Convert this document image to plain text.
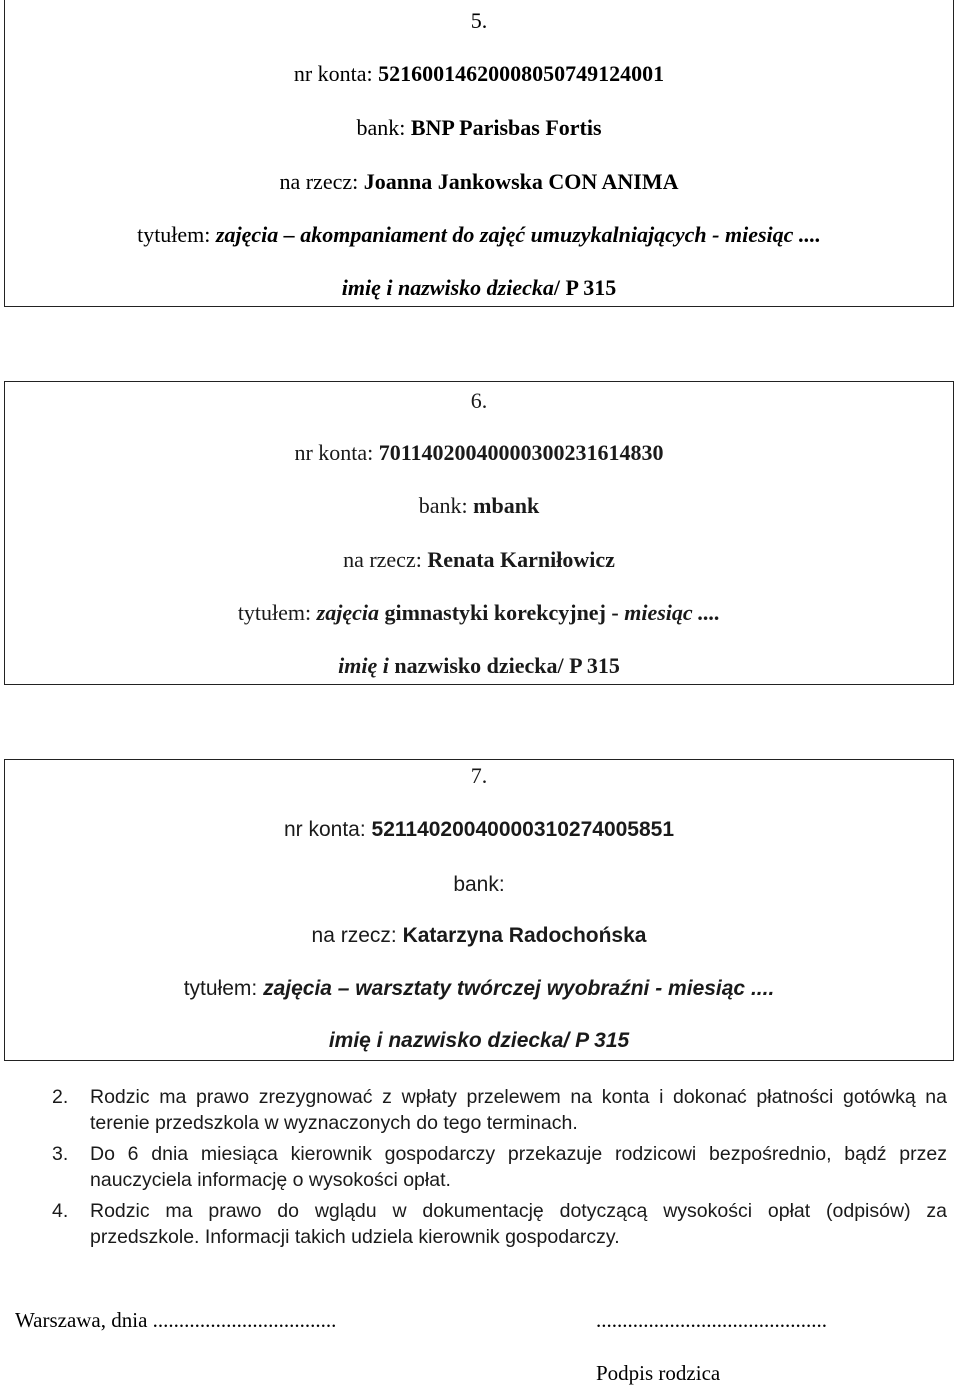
5.
nr konta: 52160014620008050749124001
bank: BNP Parisbas Fortis
na rzecz: Joanna Jankowska CON ANIMA
tytułem: zajęcia – akompaniament do zajęć umuzykalniających - miesiąc ....
imię i nazwisko dziecka/ P 315
6.
nr konta: 70114020040000300231614830
bank: mbank
na rzecz: Renata Karniłowicz
tytułem: zajęcia gimnastyki korekcyjnej - miesiąc ....
imię i nazwisko dziecka/ P 315
7.
nr konta: 52114020040000310274005851
bank:
na rzecz: Katarzyna Radochońska
tytułem: zajęcia – warsztaty twórczej wyobraźni - miesiąc ....
imię i nazwisko dziecka/ P 315
2. Rodzic ma prawo zrezygnować z wpłaty przelewem na konta i dokonać płatności gotówką na terenie przedszkola w wyznaczonych do tego terminach.
3. Do 6 dnia miesiąca kierownik gospodarczy przekazuje rodzicowi bezpośrednio, bądź przez nauczyciela informację o wysokości opłat.
4. Rodzic ma prawo do wglądu w dokumentację dotyczącą wysokości opłat (odpisów) za przedszkole. Informacji takich udziela kierownik gospodarczy.
Warszawa, dnia ...................................	............................................
Podpis rodzica
